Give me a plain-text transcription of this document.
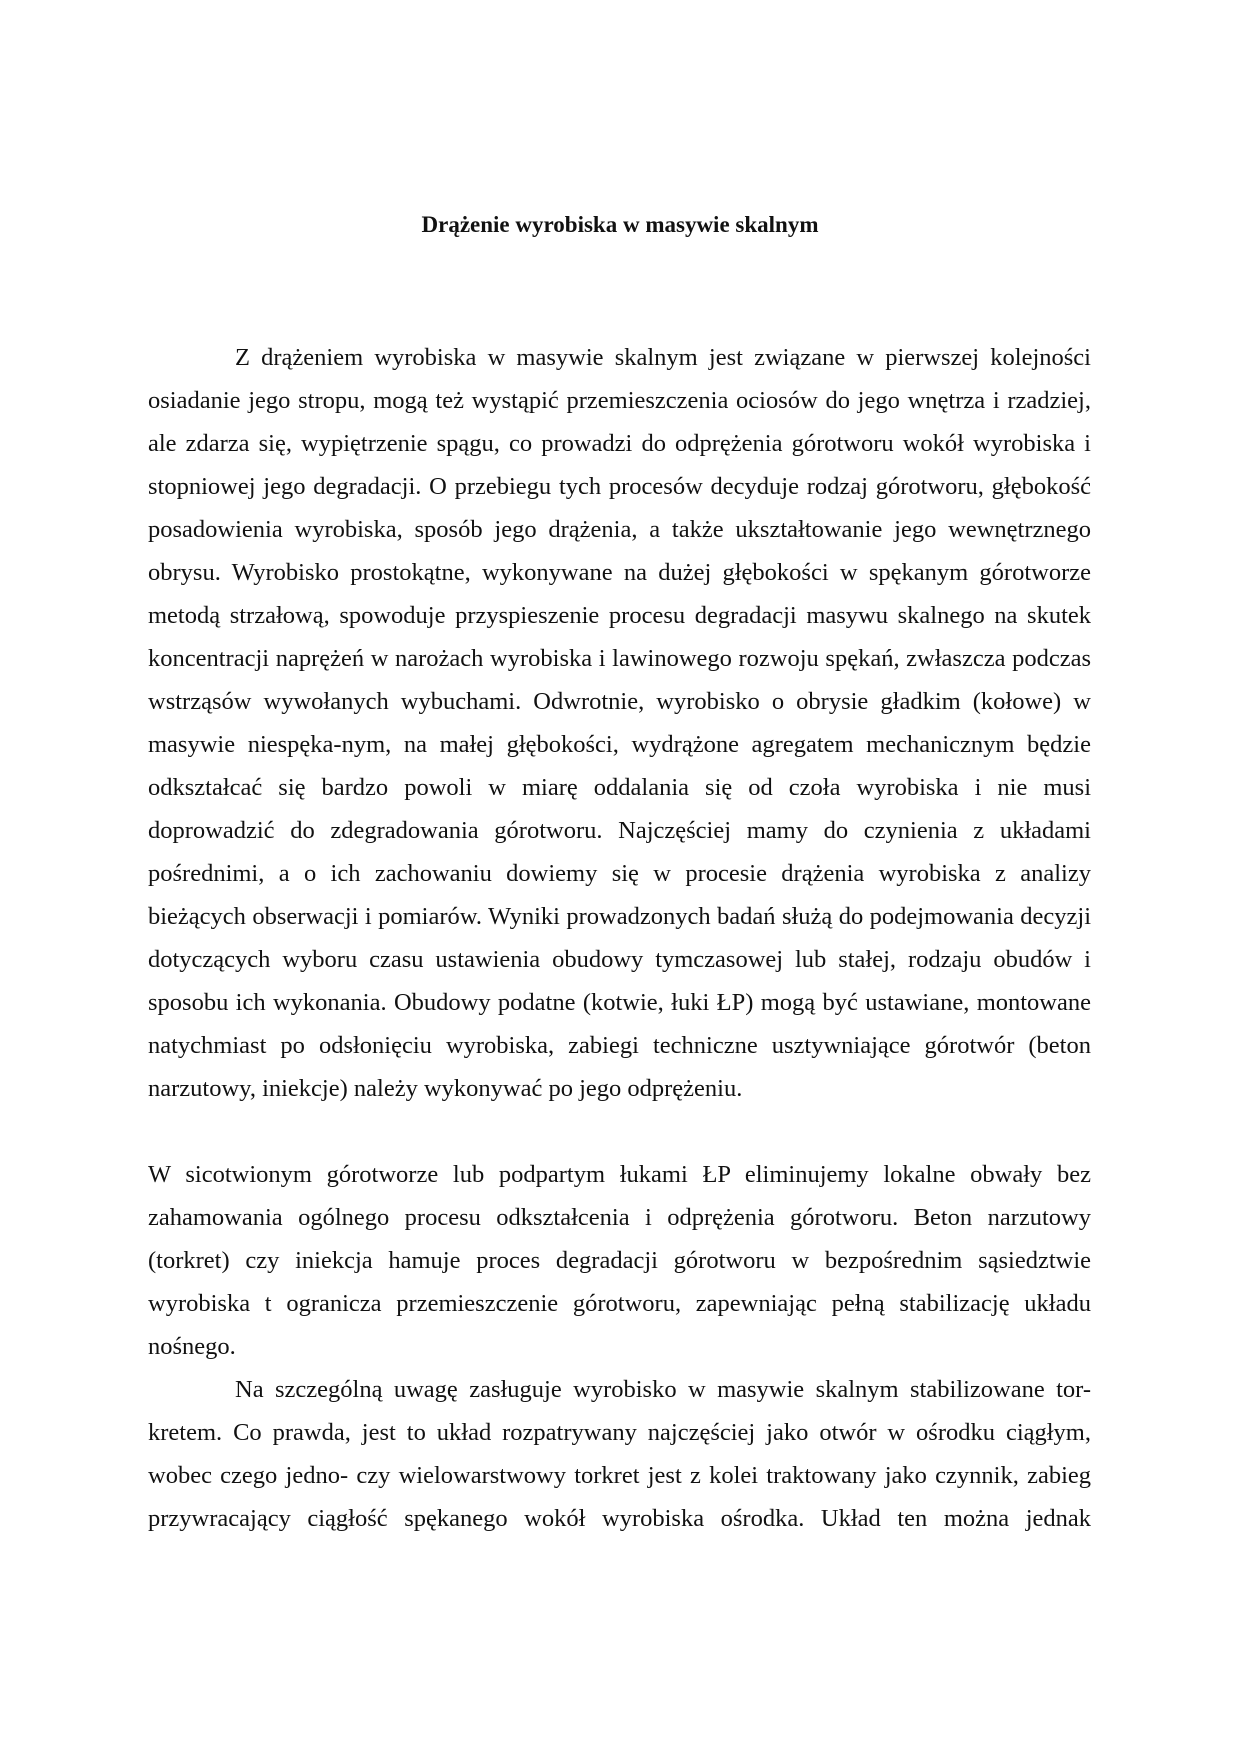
Drążenie wyrobiska w masywie skalnym

Z drążeniem wyrobiska w masywie skalnym jest związane w pierwszej kolejności osiadanie jego stropu, mogą też wystąpić przemieszczenia ociosów do jego wnętrza i rzadziej, ale zdarza się, wypiętrzenie spągu, co prowadzi do odprężenia górotworu wokół wyrobiska i stopniowej jego degradacji. O przebiegu tych procesów decyduje rodzaj górotworu, głębokość posadowienia wyrobiska, sposób jego drążenia, a także ukształtowanie jego wewnętrznego obrysu. Wyrobisko prostokątne, wykonywane na dużej głębokości w spękanym górotworze metodą strzałową, spowoduje przyspieszenie procesu degradacji masywu skalnego na skutek koncentracji naprężeń w narożach wyrobiska i lawinowego rozwoju spękań, zwłaszcza podczas wstrząsów wywołanych wybuchami. Odwrotnie, wyrobisko o obrysie gładkim (kołowe) w masywie niespęka-nym, na małej głębokości, wydrążone agregatem mechanicznym będzie odkształcać się bardzo powoli w miarę oddalania się od czoła wyrobiska i nie musi doprowadzić do zdegradowania górotworu. Najczęściej mamy do czynienia z układami pośrednimi, a o ich zachowaniu dowiemy się w procesie drążenia wyrobiska z analizy bieżących obserwacji i pomiarów. Wyniki prowadzonych badań służą do podejmowania decyzji dotyczących wyboru czasu ustawienia obudowy tymczasowej lub stałej, rodzaju obudów i sposobu ich wykonania. Obudowy podatne (kotwie, łuki ŁP) mogą być ustawiane, montowane natychmiast po odsłonięciu wyrobiska, zabiegi techniczne usztywniające górotwór (beton narzutowy, iniekcje) należy wykonywać po jego odprężeniu.

W sicotwionym górotworze lub podpartym łukami ŁP eliminujemy lokalne obwały bez zahamowania ogólnego procesu odkształcenia i odprężenia górotworu. Beton narzutowy (torkret) czy iniekcja hamuje proces degradacji górotworu w bezpośrednim sąsiedztwie wyrobiska t ogranicza przemieszczenie górotworu, zapewniając pełną stabilizację układu nośnego.

Na szczególną uwagę zasługuje wyrobisko w masywie skalnym stabilizowane tor-kretem. Co prawda, jest to układ rozpatrywany najczęściej jako otwór w ośrodku ciągłym, wobec czego jedno- czy wielowarstwowy torkret jest z kolei traktowany jako czynnik, zabieg przywracający ciągłość spękanego wokół wyrobiska ośrodka. Układ ten można jednak
